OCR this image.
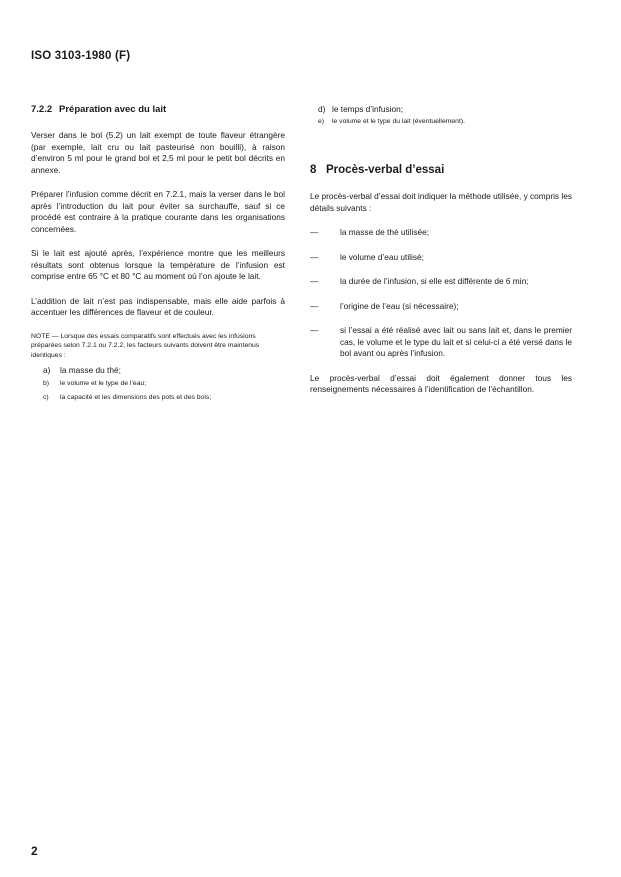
ISO 3103-1980 (F)
7.2.2 Préparation avec du lait

Verser dans le bol (5.2) un lait exempt de toute flaveur étrangère (par exemple, lait cru ou lait pasteurisé non bouilli), à raison d’environ 5 ml pour le grand bol et 2,5 ml pour le petit bol décrits en annexe.

Préparer l’infusion comme décrit en 7.2.1, mais la verser dans le bol après l’introduction du lait pour éviter sa surchauffe, sauf si ce procédé est contraire à la pratique courante dans les organisations concernées.

Si le lait est ajouté après, l’expérience montre que les meilleurs résultats sont obtenus lorsque la température de l’infusion est comprise entre 65 °C et 80 °C au moment où l’on ajoute le lait.

L’addition de lait n’est pas indispensable, mais elle aide parfois à accentuer les différences de flaveur et de couleur.

NOTE — Lorsque des essais comparatifs sont effectués avec les infusions préparées selon 7.2.1 ou 7.2.2, les facteurs suivants doivent être maintenus identiques :

a) la masse du thé;
b) le volume et le type de l’eau;
c) la capacité et les dimensions des pots et des bols;
d) le temps d’infusion;
e) le volume et le type du lait (éventuellement).
8 Procès-verbal d’essai

Le procès-verbal d’essai doit indiquer la méthode utilisée, y compris les détails suivants :

—	la masse de thé utilisée;
—	le volume d’eau utilisé;
—	la durée de l’infusion, si elle est différente de 6 min;
—	l’origine de l’eau (si nécessaire);
—	si l’essai a été réalisé avec lait ou sans lait et, dans le premier cas, le volume et le type du lait et si celui-ci a été versé dans le bol avant ou après l’infusion.

Le procès-verbal d’essai doit également donner tous les renseignements nécessaires à l’identification de l’échantillon.

2
